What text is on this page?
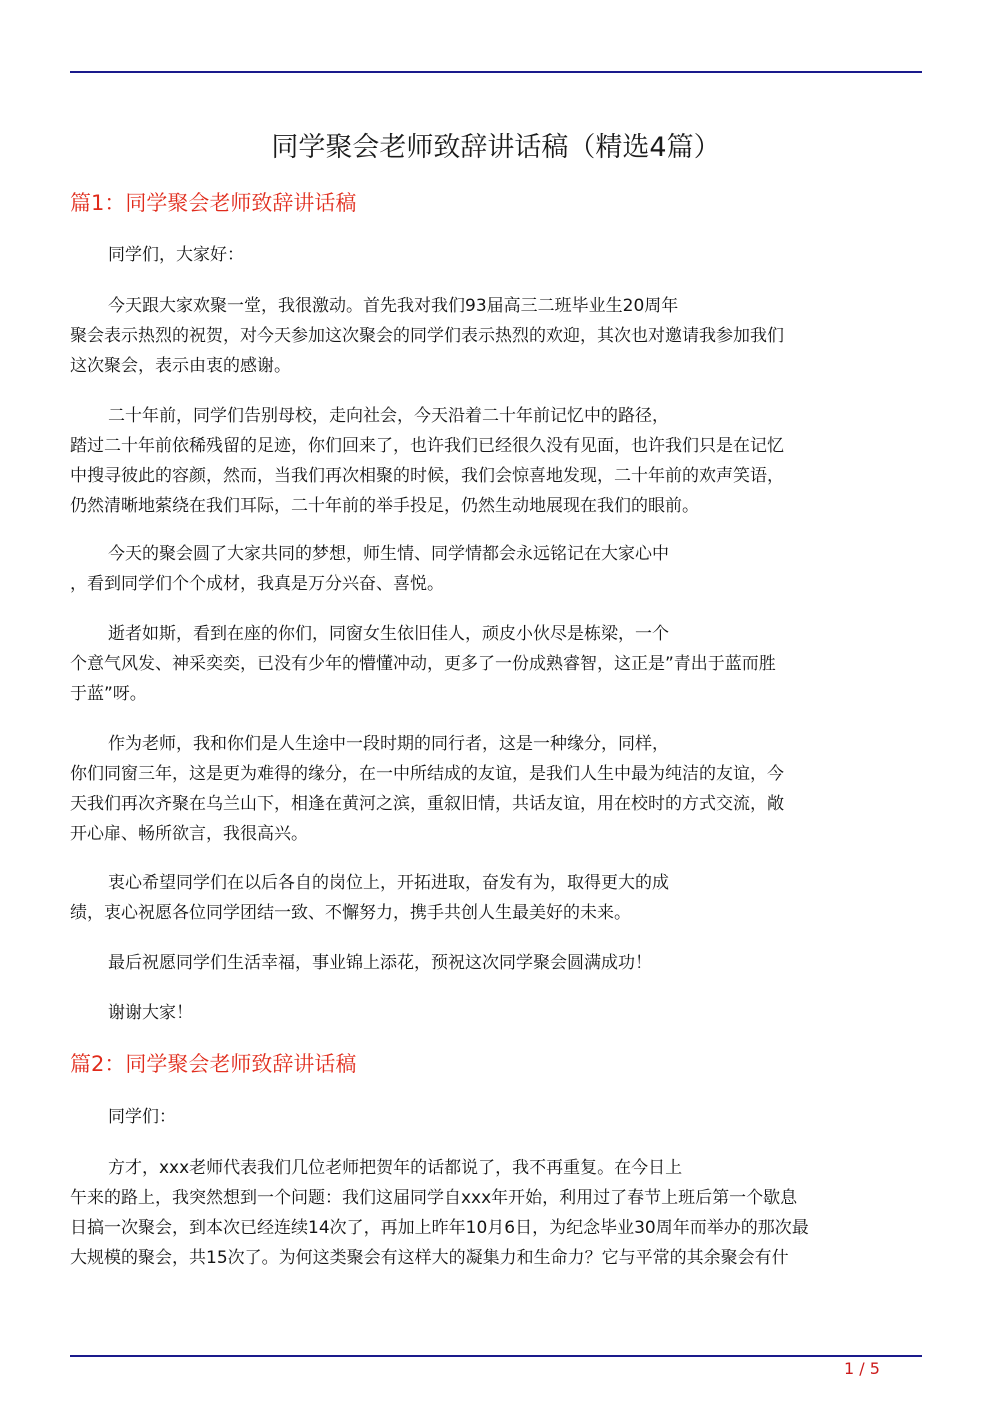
同学聚会老师致辞讲话稿（精选4篇）
篇1：同学聚会老师致辞讲话稿
同学们，大家好：
今天跟大家欢聚一堂，我很激动。首先我对我们93届高三二班毕业生20周年
聚会表示热烈的祝贺，对今天参加这次聚会的同学们表示热烈的欢迎，其次也对邀请我参加我们
这次聚会，表示由衷的感谢。
二十年前，同学们告别母校，走向社会，今天沿着二十年前记忆中的路径，
踏过二十年前依稀残留的足迹，你们回来了，也许我们已经很久没有见面，也许我们只是在记忆
中搜寻彼此的容颜，然而，当我们再次相聚的时候，我们会惊喜地发现，二十年前的欢声笑语，
仍然清晰地萦绕在我们耳际，二十年前的举手投足，仍然生动地展现在我们的眼前。
今天的聚会圆了大家共同的梦想，师生情、同学情都会永远铭记在大家心中
，看到同学们个个成材，我真是万分兴奋、喜悦。
逝者如斯，看到在座的你们，同窗女生依旧佳人，顽皮小伙尽是栋梁，一个
个意气风发、神采奕奕，已没有少年的懵懂冲动，更多了一份成熟睿智，这正是”青出于蓝而胜
于蓝”呀。
作为老师，我和你们是人生途中一段时期的同行者，这是一种缘分，同样，
你们同窗三年，这是更为难得的缘分，在一中所结成的友谊，是我们人生中最为纯洁的友谊，今
天我们再次齐聚在乌兰山下，相逢在黄河之滨，重叙旧情，共话友谊，用在校时的方式交流，敞
开心扉、畅所欲言，我很高兴。
衷心希望同学们在以后各自的岗位上，开拓进取，奋发有为，取得更大的成
绩，衷心祝愿各位同学团结一致、不懈努力，携手共创人生最美好的未来。
最后祝愿同学们生活幸福，事业锦上添花，预祝这次同学聚会圆满成功！
谢谢大家！
篇2：同学聚会老师致辞讲话稿
同学们：
方才，xxx老师代表我们几位老师把贺年的话都说了，我不再重复。在今日上
午来的路上，我突然想到一个问题：我们这届同学自xxx年开始，利用过了春节上班后第一个歇息
日搞一次聚会，到本次已经连续14次了，再加上昨年10月6日，为纪念毕业30周年而举办的那次最
大规模的聚会，共15次了。为何这类聚会有这样大的凝集力和生命力？它与平常的其余聚会有什
1 / 5
